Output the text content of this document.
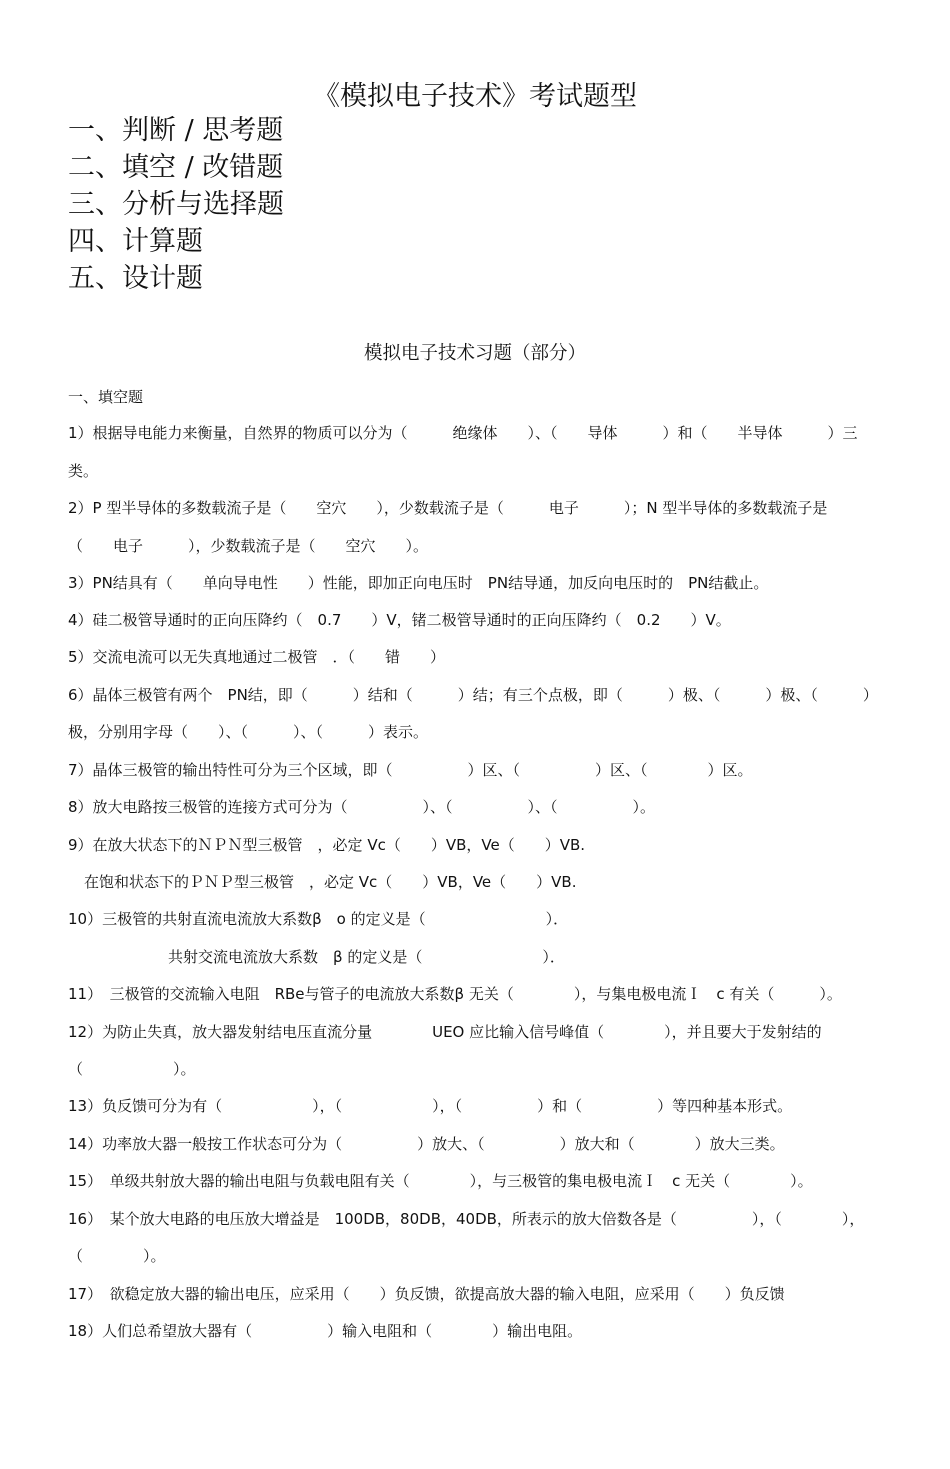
《模拟电子技术》考试题型
一、判断 / 思考题
二、填空 / 改错题
三、分析与选择题
四、计算题
五、设计题
模拟电子技术习题（部分）
一、填空题
1）根据导电能力来衡量，自然界的物质可以分为（　　　绝缘体　　）、（　　导体　　　）和（　　半导体　　　）三
类。
2）P 型半导体的多数载流子是（　　空穴　　），少数载流子是（　　　电子　　　）；N 型半导体的多数载流子是
（　　电子　　　），少数载流子是（　　空穴　　）。
3）PN结具有（　　单向导电性　　）性能，即加正向电压时　PN结导通，加反向电压时的　PN结截止。
4）硅二极管导通时的正向压降约（　0.7　　）V，锗二极管导通时的正向压降约（　0.2　　）V。
5）交流电流可以无失真地通过二极管　．（　　错　　）
6）晶体三极管有两个　PN结，即（　　　）结和（　　　）结；有三个点极，即（　　　）极、（　　　）极、（　　　）
极，分别用字母（　　）、（　　　）、（　　　）表示。
7）晶体三极管的输出特性可分为三个区域，即（　　　　　）区、（　　　　　）区、（　　　　）区。
8）放大电路按三极管的连接方式可分为（　　　　　）、（　　　　　）、（　　　　　）。
9）在放大状态下的ＮＰＮ型三极管　，必定 Vc（　　）VB，Ve（　　）VB.
在饱和状态下的ＰＮＰ型三极管　，必定 Vc（　　）VB，Ve（　　）VB.
10）三极管的共射直流电流放大系数β　o 的定义是（　　　　　　　　）．
共射交流电流放大系数　β 的定义是（　　　　　　　　）．
11）　三极管的交流输入电阻　RBe与管子的电流放大系数β 无关（　　　　），与集电极电流Ｉ　c 有关（　　　）。
12）为防止失真，放大器发射结电压直流分量　　　　UEO 应比输入信号峰值（　　　　），并且要大于发射结的
（　　　　　　）。
13）负反馈可分为有（　　　　　　），（　　　　　　），（　　　　　）和（　　　　　）等四种基本形式。
14）功率放大器一般按工作状态可分为（　　　　　）放大、（　　　　　）放大和（　　　　）放大三类。
15）　单级共射放大器的输出电阻与负载电阻有关（　　　　），与三极管的集电极电流Ｉ　c 无关（　　　　）。
16）　某个放大电路的电压放大增益是　100DB，80DB，40DB，所表示的放大倍数各是（　　　　　），（　　　　），
（　　　　）。
17）　欲稳定放大器的输出电压，应采用（　　）负反馈，欲提高放大器的输入电阻，应采用（　　）负反馈
18）人们总希望放大器有（　　　　　）输入电阻和（　　　　）输出电阻。
